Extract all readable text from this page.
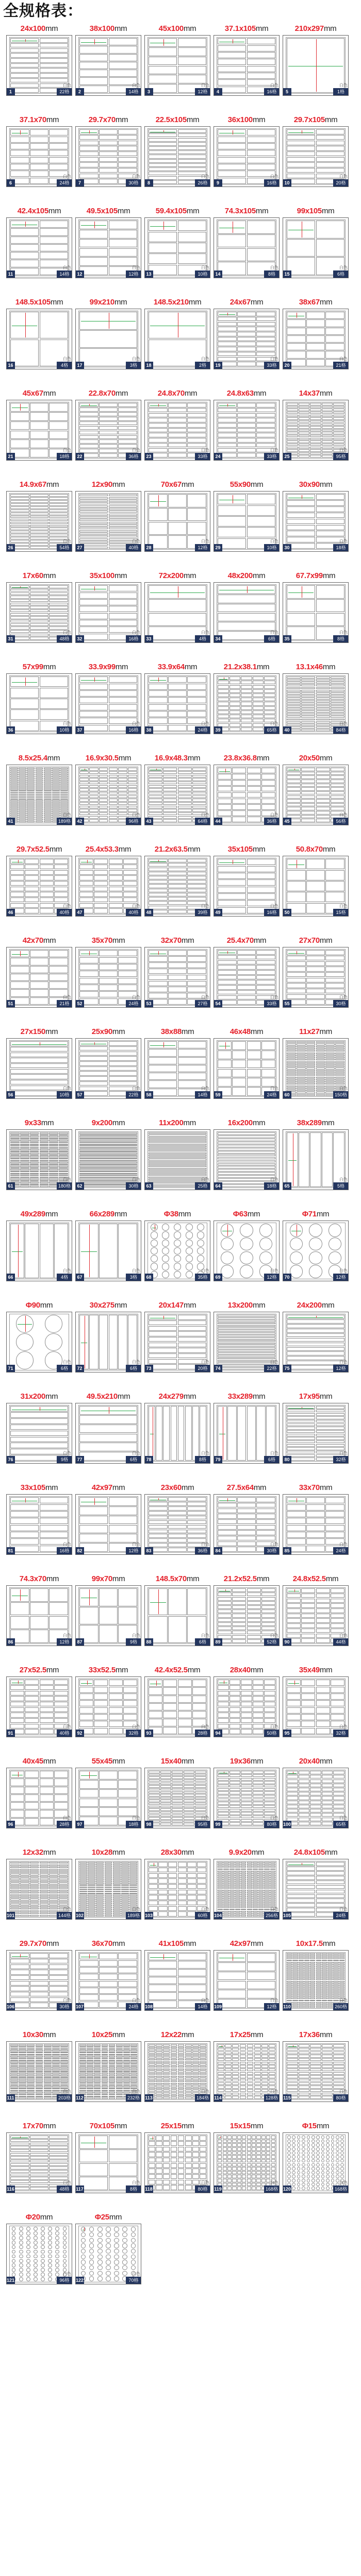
全规格表：
24x100mm
白色
1	22格
38x100mm
白色
2	14格
45x100mm
白色
3	12格
37.1x105mm
白色
4	16格
210x297mm
白色
5	1格
37.1x70mm
白色
6	24格
29.7x70mm
白色
7	30格
22.5x105mm
白色
8	26格
36x100mm
白色
9	16格
29.7x105mm
白色
10	20格
42.4x105mm
白色
11	14格
49.5x105mm
白色
12	12格
59.4x105mm
白色
13	10格
74.3x105mm
白色
14	8格
99x105mm
白色
15	6格
148.5x105mm
白色
16	4格
99x210mm
白色
17	3格
148.5x210mm
白色
18	2格
24x67mm
白色
19	33格
38x67mm
白色
20	21格
45x67mm
白色
21	18格
22.8x70mm
白色
22	36格
24.8x70mm
白色
23	33格
24.8x63mm
白色
24	33格
14x37mm
白色
25	95格
14.9x67mm
白色
26	54格
12x90mm
白色
27	40格
70x67mm
白色
28	12格
55x90mm
白色
29	10格
30x90mm
白色
30	18格
17x60mm
白色
31	48格
35x100mm
白色
32	16格
72x200mm
白色
33	4格
48x200mm
白色
34	6格
67.7x99mm
白色
35	8格
57x99mm
白色
36	10格
33.9x99mm
白色
37	16格
33.9x64mm
白色
38	24格
21.2x38.1mm
白色
39	65格
13.1x46mm
白色
40	84格
8.5x25.4mm
白色
41	189格
16.9x30.5mm
白色
42	96格
16.9x48.3mm
白色
43	64格
23.8x36.8mm
白色
44	36格
20x50mm
白色
45	56格
29.7x52.5mm
白色
46	40格
25.4x53.3mm
白色
47	40格
21.2x63.5mm
白色
48	39格
35x105mm
白色
49	16格
50.8x70mm
白色
50	15格
42x70mm
白色
51	21格
35x70mm
白色
52	24格
32x70mm
白色
53	27格
25.4x70mm
白色
54	33格
27x70mm
白色
55	30格
27x150mm
白色
56	10格
25x90mm
白色
57	22格
38x88mm
白色
58	14格
46x48mm
白色
59	24格
11x27mm
白色
60	150格
9x33mm
白色
61	180格
9x200mm
白色
62	30格
11x200mm
白色
63	25格
16x200mm
白色
64	18格
38x289mm
白色
65	5格
49x289mm
白色
66	4格
66x289mm
白色
67	3格
Φ38mm
白色
68	35格
Φ63mm
白色
69	12格
Φ71mm
白色
70	12格
Φ90mm
白色
71	6格
30x275mm
白色
72	6格
20x147mm
白色
73	20格
13x200mm
白色
74	22格
24x200mm
白色
75	12格
31x200mm
白色
76	9格
49.5x210mm
白色
77	6格
24x279mm
白色
78	8格
33x289mm
白色
79	6格
17x95mm
白色
80	32格
33x105mm
白色
81	16格
42x97mm
白色
82	12格
23x60mm
白色
83	36格
27.5x64mm
白色
84	30格
33x70mm
白色
85	24格
74.3x70mm
白色
86	12格
99x70mm
白色
87	9格
148.5x70mm
白色
88	6格
21.2x52.5mm
白色
89	52格
24.8x52.5mm
白色
90	44格
27x52.5mm
白色
91	40格
33x52.5mm
白色
92	32格
42.4x52.5mm
白色
93	28格
28x40mm
白色
94	50格
35x49mm
白色
95	32格
40x45mm
白色
96	28格
55x45mm
白色
97	18格
15x40mm
白色
98	95格
19x36mm
白色
99	80格
20x40mm
白色
100	65格
12x32mm
白色
101	144格
10x28mm
白色
102	189格
28x30mm
白色
103	60格
9.9x20mm
白色
104	256格
24.8x105mm
白色
105	24格
29.7x70mm
白色
106	30格
36x70mm
白色
107	24格
41x105mm
白色
108	14格
42x97mm
白色
109	12格
10x17.5mm
白色
110	260格
10x30mm
白色
111	203格
10x25mm
白色
112	232格
12x22mm
白色
113	184格
17x25mm
白色
114	128格
17x36mm
白色
115	80格
17x70mm
白色
116	48格
70x105mm
白色
117	8格
25x15mm
白色
118	80格
15x15mm
白色
119	168格
Φ15mm
白色
120	168格
Φ20mm
白色
121	96格
Φ25mm
白色
122	70格
